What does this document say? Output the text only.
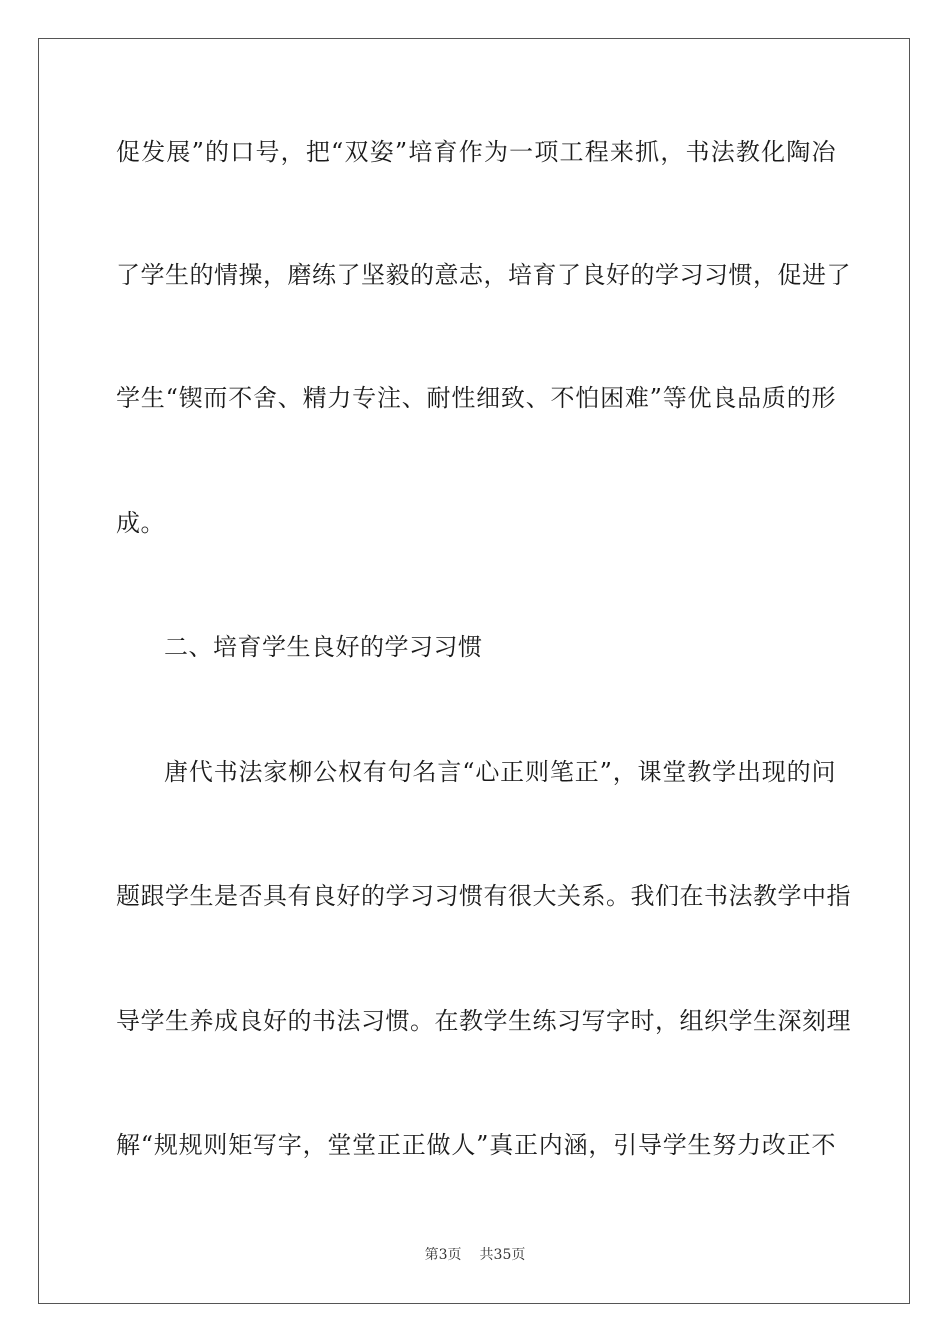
促发展”的口号，把“双姿”培育作为一项工程来抓，书法教化陶冶
了学生的情操，磨练了坚毅的意志，培育了良好的学习习惯，促进了
学生“锲而不舍、精力专注、耐性细致、不怕困难”等优良品质的形
成。
二、培育学生良好的学习习惯
唐代书法家柳公权有句名言“心正则笔正”，课堂教学出现的问
题跟学生是否具有良好的学习习惯有很大关系。我们在书法教学中指
导学生养成良好的书法习惯。在教学生练习写字时，组织学生深刻理
解“规规则矩写字，堂堂正正做人”真正内涵，引导学生努力改正不
第3页 共35页
